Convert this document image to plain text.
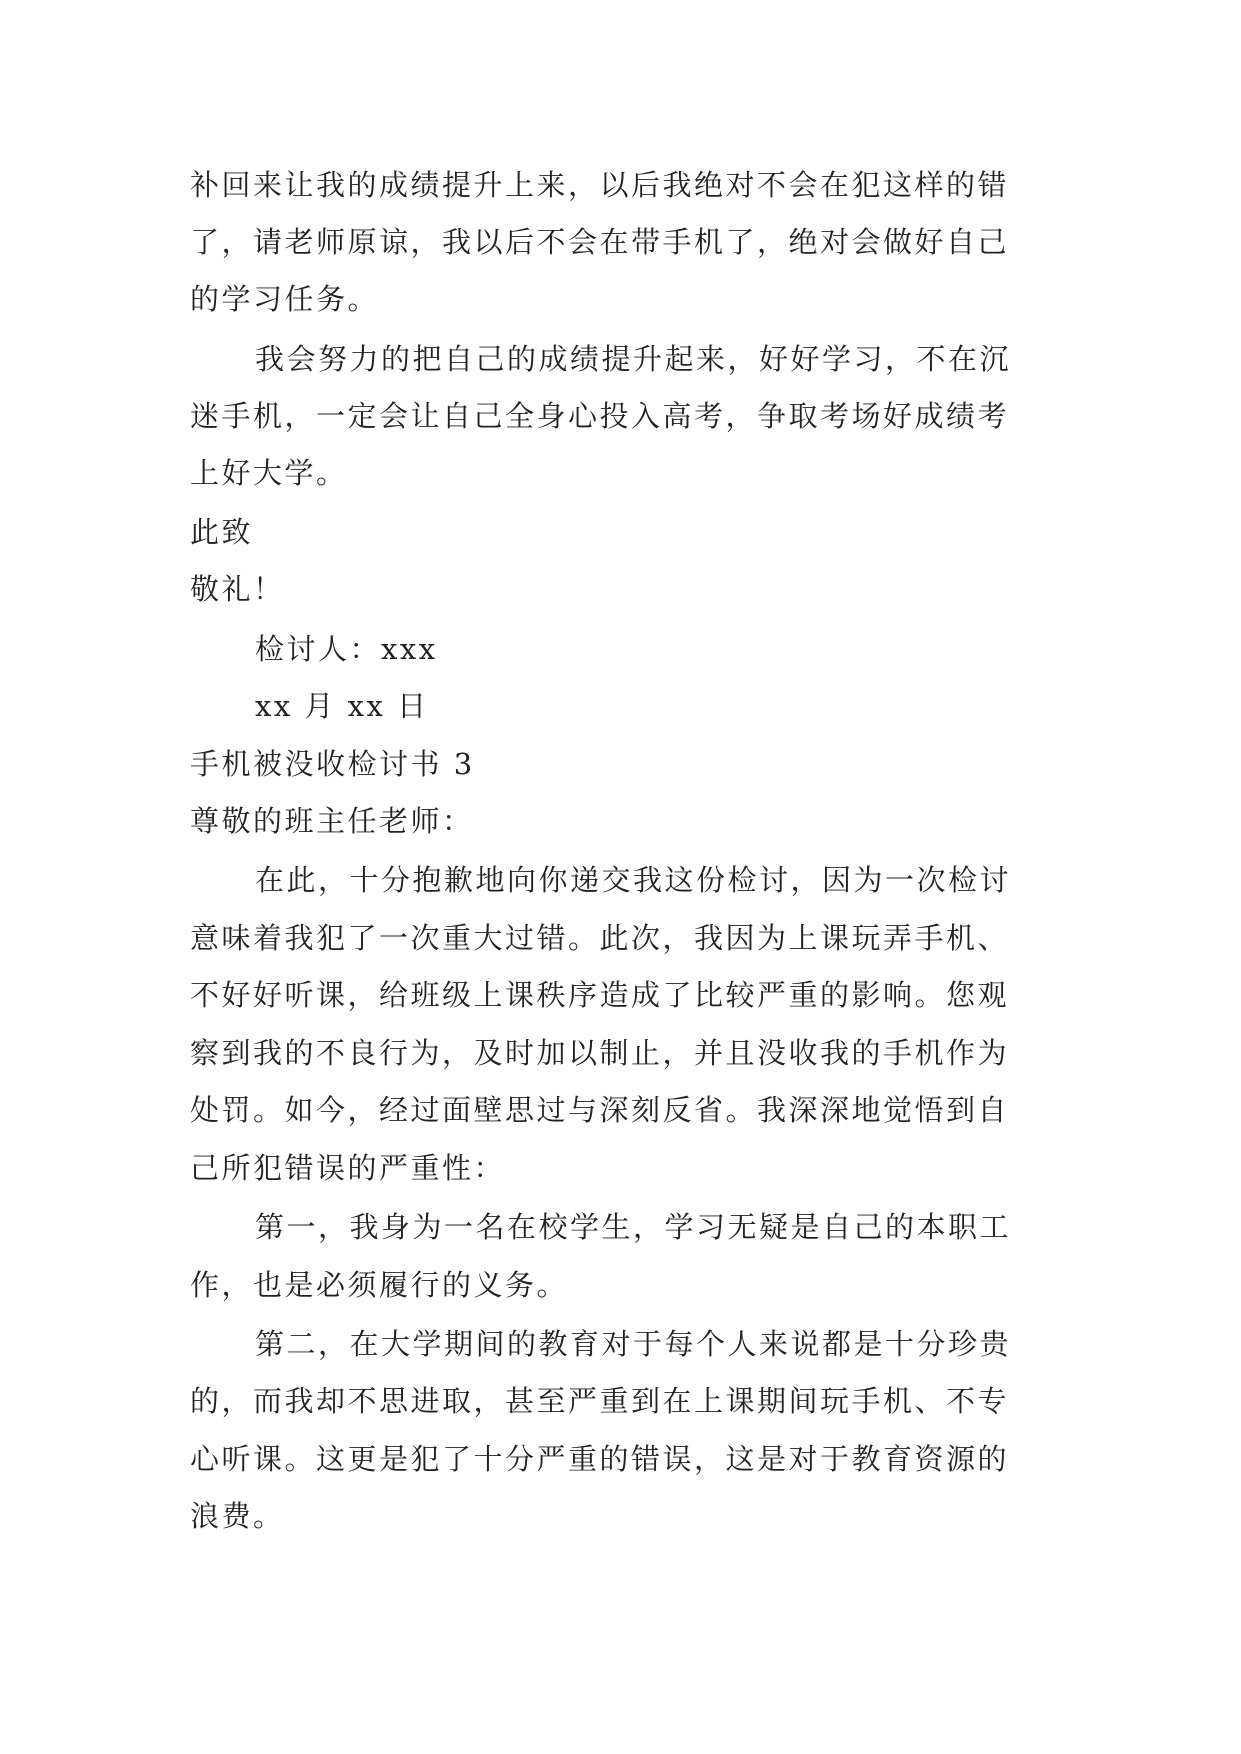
补回来让我的成绩提升上来，以后我绝对不会在犯这样的错
了，请老师原谅，我以后不会在带手机了，绝对会做好自己
的学习任务。
我会努力的把自己的成绩提升起来，好好学习，不在沉
迷手机，一定会让自己全身心投入高考，争取考场好成绩考
上好大学。
此致
敬礼！
检讨人：xxx
xx 月 xx 日
手机被没收检讨书 3
尊敬的班主任老师：
在此，十分抱歉地向你递交我这份检讨，因为一次检讨
意味着我犯了一次重大过错。此次，我因为上课玩弄手机、
不好好听课，给班级上课秩序造成了比较严重的影响。您观
察到我的不良行为，及时加以制止，并且没收我的手机作为
处罚。如今，经过面壁思过与深刻反省。我深深地觉悟到自
己所犯错误的严重性：
第一，我身为一名在校学生，学习无疑是自己的本职工
作，也是必须履行的义务。
第二，在大学期间的教育对于每个人来说都是十分珍贵
的，而我却不思进取，甚至严重到在上课期间玩手机、不专
心听课。这更是犯了十分严重的错误，这是对于教育资源的
浪费。
